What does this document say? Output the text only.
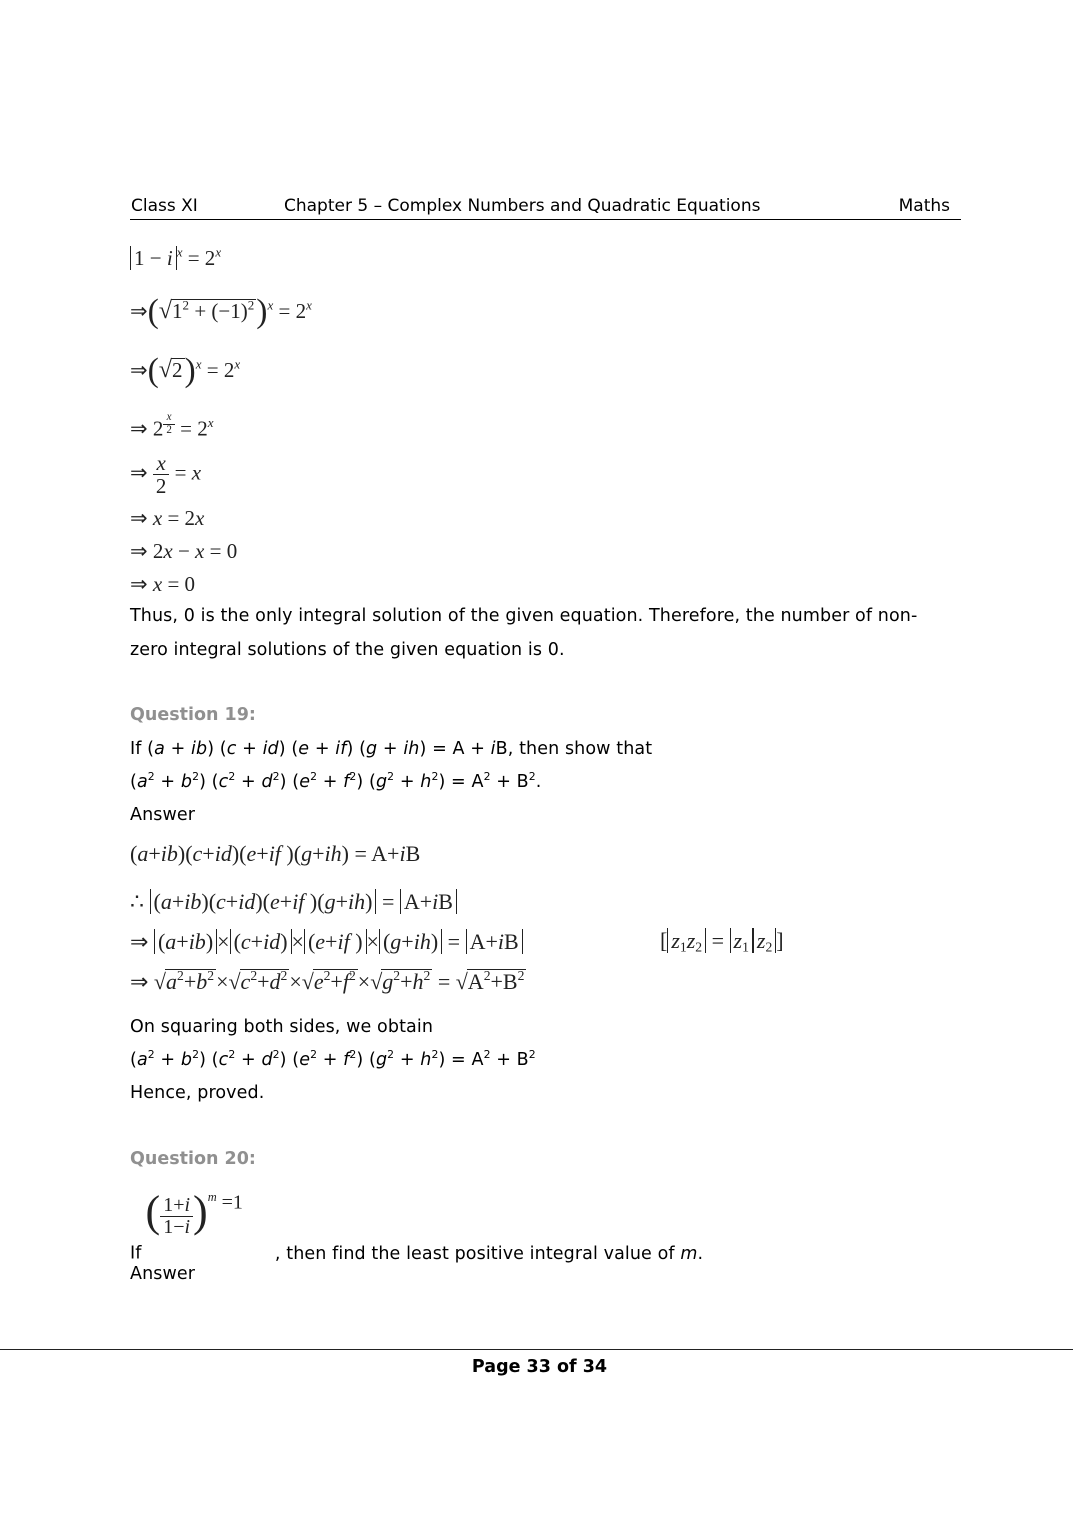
Class XI	Chapter 5 – Complex Numbers and Quadratic Equations	Maths
1 − i $^x = 2^x$
$\Rightarrow(√1^2 + (-1)^2)^x = 2^x$
$\Rightarrow(√2)^x = 2^x$
⇒ 2 $^{\frac{x}{2}} = 2^x$
⇒ $\frac{x}{2} = x$
⇒ x = 2x
⇒ 2x − x = 0
⇒ x = 0
Thus, 0 is the only integral solution of the given equation. Therefore, the number of non-
zero integral solutions of the given equation is 0.
Question 19:
If (a + ib) (c + id) (e + if) (g + ih) = A + iB, then show that
$(a^2 + b^2) (c^2 + d^2) (e^2 + f^2) (g^2 + h^2) = A^2 + B^2$.
Answer
(a+ib)(c+id)(e+if )(g+ih) = A+iB
∴ (a+ib)(c+id)(e+if )(g+ih) = A+iB
⇒ (a+ib) × (c+id) × (e+if ) × (g+ih) = A+iB	[ $z_1z_2 = z_1$ $z_2$ ]
⇒ $√a^2+b^2\times√c^2+d^2\times√e^2+f^2\times√g^2+h^2 = √A^2+B^2$
On squaring both sides, we obtain
$(a^2 + b^2) (c^2 + d^2) (e^2 + f^2) (g^2 + h^2) = A^2 + B^2$
Hence, proved.
Question 20:
If ( $\frac{1+i}{1-i} )^m =1$ , then find the least positive integral value of m.
Answer
Page 33 of 34
